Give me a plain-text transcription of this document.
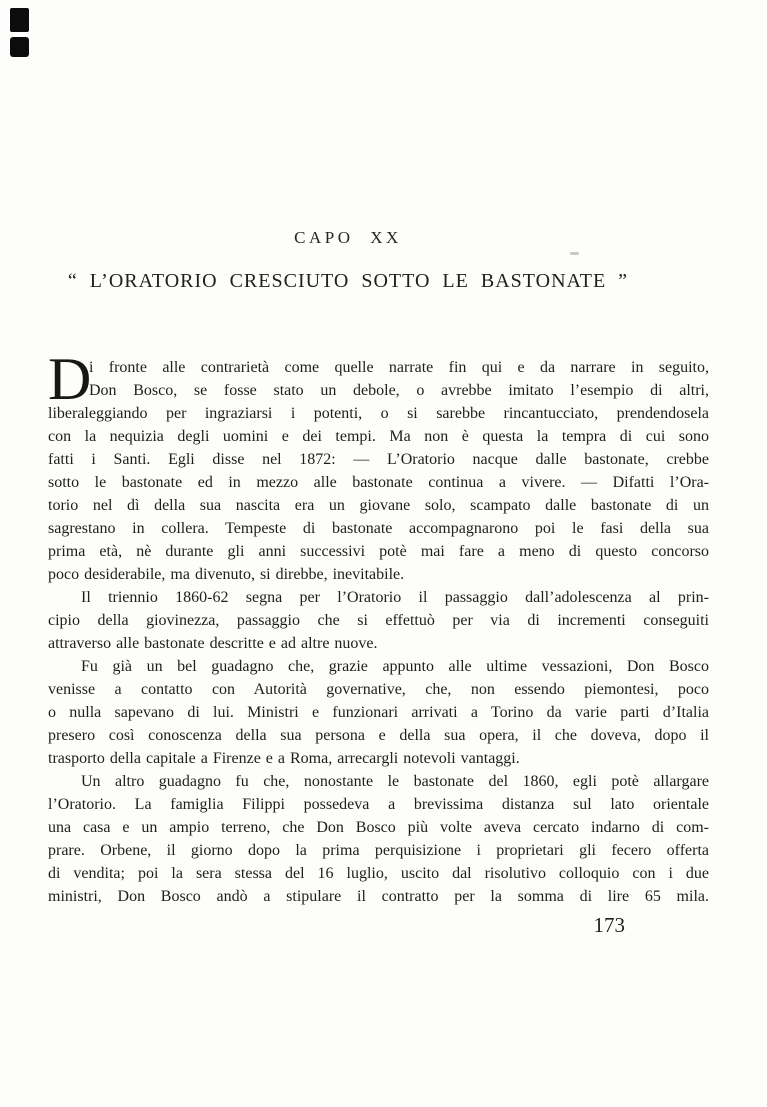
CAPO XX
“ L’ORATORIO CRESCIUTO SOTTO LE BASTONATE ”
D
i fronte alle contrarietà come quelle narrate fin qui e da narrare in seguito,
Don Bosco, se fosse stato un debole, o avrebbe imitato l’esempio di altri,
liberaleggiando per ingraziarsi i potenti, o si sarebbe rincantucciato, prendendosela
con la nequizia degli uomini e dei tempi. Ma non è questa la tempra di cui sono
fatti i Santi. Egli disse nel 1872: — L’Oratorio nacque dalle bastonate, crebbe
sotto le bastonate ed in mezzo alle bastonate continua a vivere. — Difatti l’Ora-
torio nel dì della sua nascita era un giovane solo, scampato dalle bastonate di un
sagrestano in collera. Tempeste di bastonate accompagnarono poi le fasi della sua
prima età, nè durante gli anni successivi potè mai fare a meno di questo concorso
poco desiderabile, ma divenuto, si direbbe, inevitabile.
Il triennio 1860-62 segna per l’Oratorio il passaggio dall’adolescenza al prin-
cipio della giovinezza, passaggio che si effettuò per via di incrementi conseguiti
attraverso alle bastonate descritte e ad altre nuove.
Fu già un bel guadagno che, grazie appunto alle ultime vessazioni, Don Bosco
venisse a contatto con Autorità governative, che, non essendo piemontesi, poco
o nulla sapevano di lui. Ministri e funzionari arrivati a Torino da varie parti d’Italia
presero così conoscenza della sua persona e della sua opera, il che doveva, dopo il
trasporto della capitale a Firenze e a Roma, arrecargli notevoli vantaggi.
Un altro guadagno fu che, nonostante le bastonate del 1860, egli potè allargare
l’Oratorio. La famiglia Filippi possedeva a brevissima distanza sul lato orientale
una casa e un ampio terreno, che Don Bosco più volte aveva cercato indarno di com-
prare. Orbene, il giorno dopo la prima perquisizione i proprietari gli fecero offerta
di vendita; poi la sera stessa del 16 luglio, uscito dal risolutivo colloquio con i due
ministri, Don Bosco andò a stipulare il contratto per la somma di lire 65 mila.
173
